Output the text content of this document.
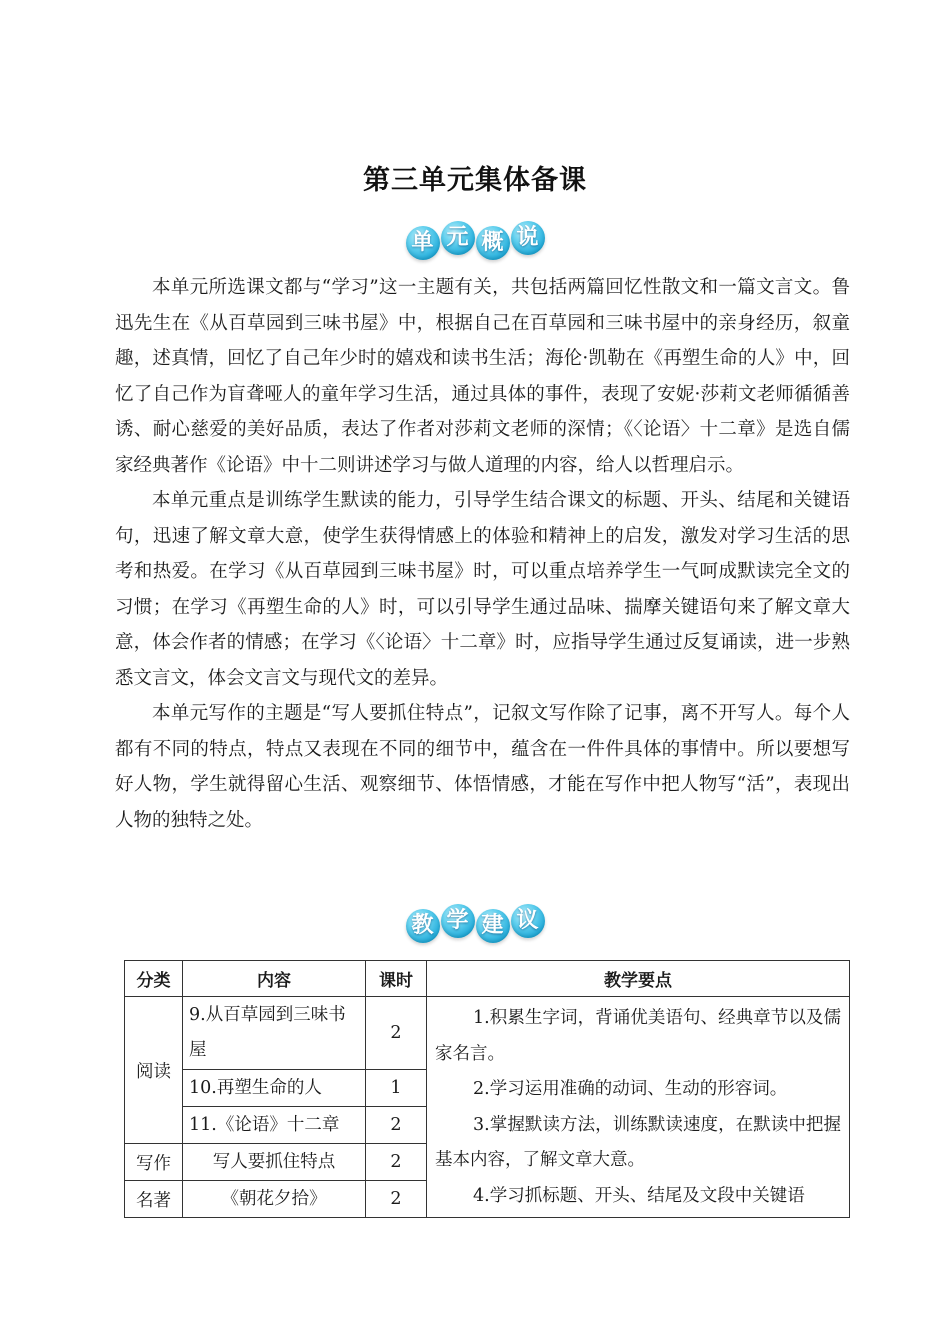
第三单元集体备课
单 元 概 说

本单元所选课文都与“学习”这一主题有关，共包括两篇回忆性散文和一篇文言文。鲁迅先生在《从百草园到三味书屋》中，根据自己在百草园和三味书屋中的亲身经历，叙童趣，述真情，回忆了自己年少时的嬉戏和读书生活；海伦·凯勒在《再塑生命的人》中，回忆了自己作为盲聋哑人的童年学习生活，通过具体的事件，表现了安妮·莎莉文老师循循善诱、耐心慈爱的美好品质，表达了作者对莎莉文老师的深情；《〈论语〉十二章》是选自儒家经典著作《论语》中十二则讲述学习与做人道理的内容，给人以哲理启示。

本单元重点是训练学生默读的能力，引导学生结合课文的标题、开头、结尾和关键语句，迅速了解文章大意，使学生获得情感上的体验和精神上的启发，激发对学习生活的思考和热爱。在学习《从百草园到三味书屋》时，可以重点培养学生一气呵成默读完全文的习惯；在学习《再塑生命的人》时，可以引导学生通过品味、揣摩关键语句来了解文章大意，体会作者的情感；在学习《〈论语〉十二章》时，应指导学生通过反复诵读，进一步熟悉文言文，体会文言文与现代文的差异。

本单元写作的主题是“写人要抓住特点”，记叙文写作除了记事，离不开写人。每个人都有不同的特点，特点又表现在不同的细节中，蕴含在一件件具体的事情中。所以要想写好人物，学生就得留心生活、观察细节、体悟情感，才能在写作中把人物写“活”，表现出人物的独特之处。

教 学 建 议
分类	内容	课时	教学要点
阅读	9.从百草园到三味书屋	2	1.积累生字词，背诵优美语句、经典章节以及儒家名言。

2.学习运用准确的动词、生动的形容词。

3.掌握默读方法，训练默读速度，在默读中把握基本内容，了解文章大意。

4.学习抓标题、开头、结尾及文段中关键语

	10.再塑生命的人	1	
	11.《论语》十二章	2	
写作	写人要抓住特点	2	
名著	《朝花夕拾》	2	
